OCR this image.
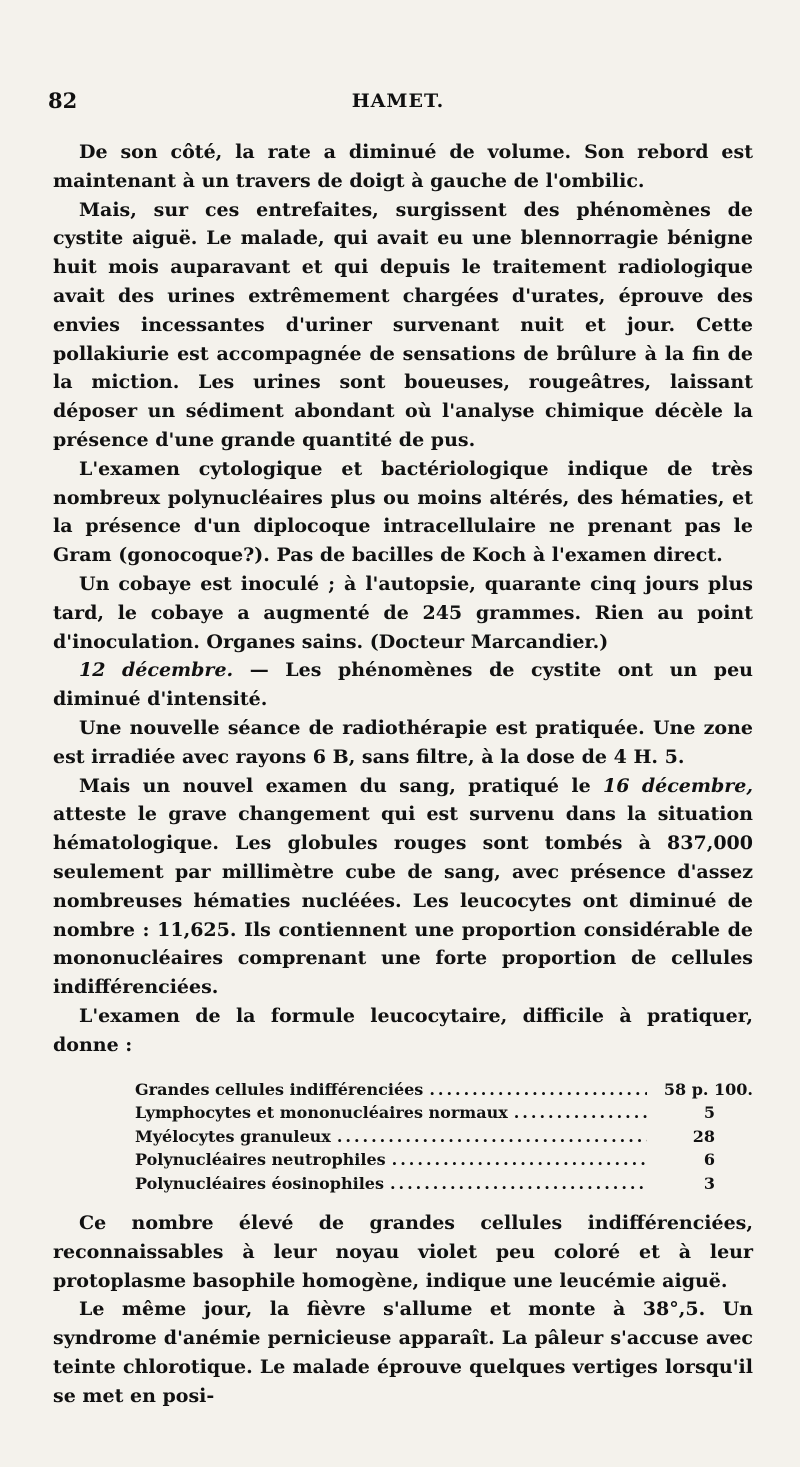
82	HAMET.

De son côté, la rate a diminué de volume. Son rebord est maintenant à un travers de doigt à gauche de l'ombilic.

Mais, sur ces entrefaites, surgissent des phénomènes de cystite aiguë. Le malade, qui avait eu une blennorragie bénigne huit mois auparavant et qui depuis le traitement radiologique avait des urines extrêmement chargées d'urates, éprouve des envies incessantes d'uriner survenant nuit et jour. Cette pollakiurie est accompagnée de sensations de brûlure à la fin de la miction. Les urines sont boueuses, rougeâtres, laissant déposer un sédiment abondant où l'analyse chimique décèle la présence d'une grande quantité de pus.

L'examen cytologique et bactériologique indique de très nombreux polynucléaires plus ou moins altérés, des hématies, et la présence d'un diplocoque intracellulaire ne prenant pas le Gram (gonocoque?). Pas de bacilles de Koch à l'examen direct.

Un cobaye est inoculé ; à l'autopsie, quarante cinq jours plus tard, le cobaye a augmenté de 245 grammes. Rien au point d'inoculation. Organes sains. (Docteur Marcandier.)

12 décembre. — Les phénomènes de cystite ont un peu diminué d'intensité.

Une nouvelle séance de radiothérapie est pratiquée. Une zone est irradiée avec rayons 6 B, sans filtre, à la dose de 4 H. 5.

Mais un nouvel examen du sang, pratiqué le 16 décembre, atteste le grave changement qui est survenu dans la situation hématologique. Les globules rouges sont tombés à 837,000 seulement par millimètre cube de sang, avec présence d'assez nombreuses hématies nucléées. Les leucocytes ont diminué de nombre : 11,625. Ils contiennent une proportion considérable de mononucléaires comprenant une forte proportion de cellules indifférenciées.

L'examen de la formule leucocytaire, difficile à pratiquer, donne :

Grandes cellules indifférenciées .....	58 p. 100.
Lymphocytes et mononucléaires normaux .....	5
Myélocytes granuleux .....	28
Polynucléaires neutrophiles .....	6
Polynucléaires éosinophiles .....	3

Ce nombre élevé de grandes cellules indifférenciées, reconnaissables à leur noyau violet peu coloré et à leur protoplasme basophile homogène, indique une leucémie aiguë.

Le même jour, la fièvre s'allume et monte à 38°,5. Un syndrome d'anémie pernicieuse apparaît. La pâleur s'accuse avec teinte chlorotique. Le malade éprouve quelques vertiges lorsqu'il se met en posi-
